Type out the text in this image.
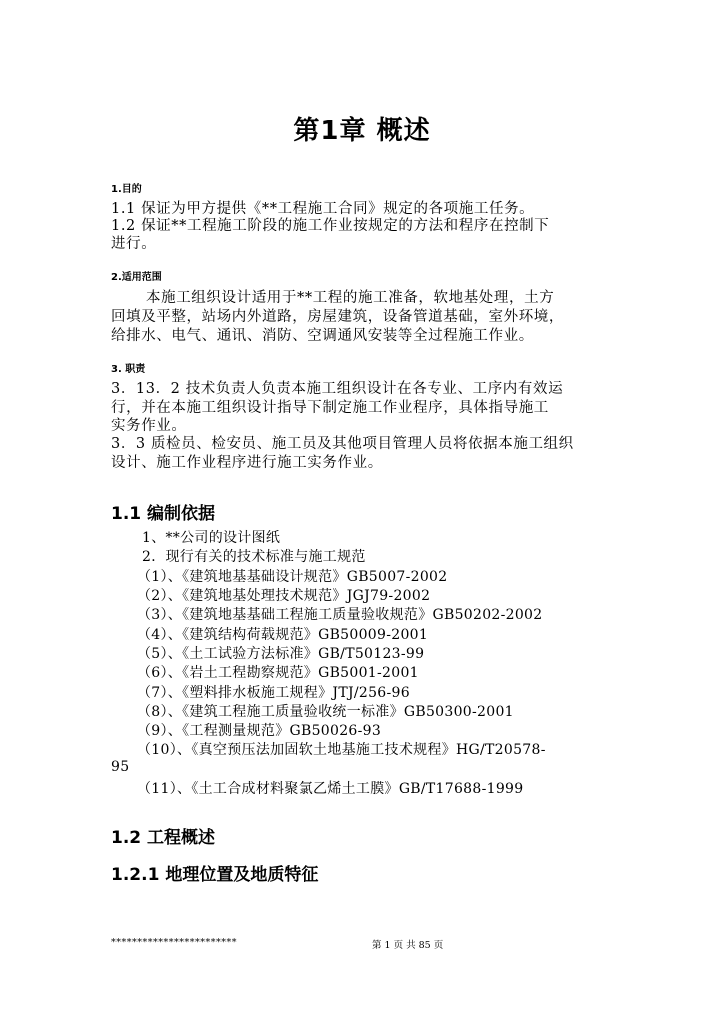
第1章 概述
1.目的
1.1 保证为甲方提供《**工程施工合同》规定的各项施工任务。
1.2 保证**工程施工阶段的施工作业按规定的方法和程序在控制下
进行。
2.适用范围
本施工组织设计适用于**工程的施工准备，软地基处理，土方
回填及平整，站场内外道路，房屋建筑，设备管道基础，室外环境，
给排水、电气、通讯、消防、空调通风安装等全过程施工作业。
3. 职责
3．13．2 技术负责人负责本施工组织设计在各专业、工序内有效运
行，并在本施工组织设计指导下制定施工作业程序，具体指导施工
实务作业。
3．3 质检员、检安员、施工员及其他项目管理人员将依据本施工组织
设计、施工作业程序进行施工实务作业。
1.1 编制依据
1、**公司的设计图纸
2．现行有关的技术标准与施工规范
（1）、《建筑地基基础设计规范》GB5007-2002
（2）、《建筑地基处理技术规范》JGJ79-2002
（3）、《建筑地基基础工程施工质量验收规范》GB50202-2002
（4）、《建筑结构荷载规范》GB50009-2001
（5）、《土工试验方法标准》GB/T50123-99
（6）、《岩土工程勘察规范》GB5001-2001
（7）、《塑料排水板施工规程》JTJ/256-96
（8）、《建筑工程施工质量验收统一标准》GB50300-2001
（9）、《工程测量规范》GB50026-93
（10）、《真空预压法加固软土地基施工技术规程》HG/T20578-
95
（11）、《土工合成材料聚氯乙烯土工膜》GB/T17688-1999
1.2 工程概述
1.2.1 地理位置及地质特征
************************	第 1 页 共 85 页
